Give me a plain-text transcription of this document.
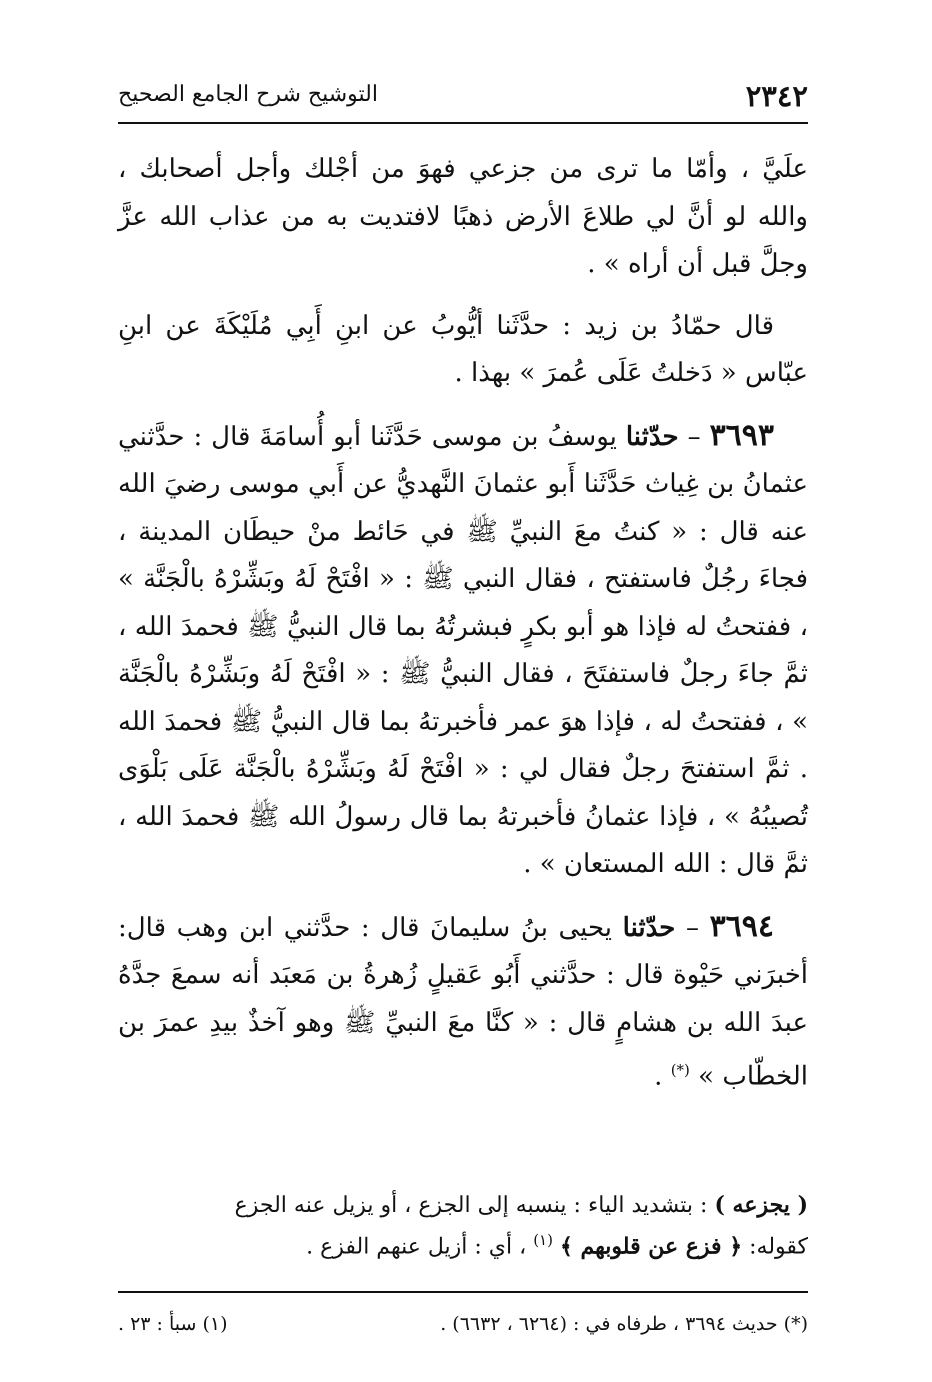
٢٣٤٢
التوشيح شرح الجامع الصحيح

علَيَّ ، وأمّا ما ترى من جزعي فهوَ من أجْلك وأجل أصحابك ، والله لو أنَّ لي طلاعَ الأرض ذهبًا لافتديت به من عذاب الله عزَّ وجلَّ قبل أن أراه » .

قال حمّادُ بن زيد : حدَّثَنا أيُّوبُ عن ابنِ أَبِي مُلَيْكَةَ عن ابنِ عبّاس « دَخلتُ عَلَى عُمرَ » بهذا .

٣٦٩٣ – حدّثنا يوسفُ بن موسى حَدَّثَنا أبو أُسامَةَ قال : حدَّثني عثمانُ بن غِياث حَدَّثَنا أَبو عثمانَ النَّهديُّ عن أَبي موسى رضيَ الله عنه قال : « كنتُ معَ النبيِّ ﷺ في حَائط منْ حيطَان المدينة ، فجاءَ رجُلٌ فاستفتح ، فقال النبي ﷺ : « افْتَحْ لَهُ وبَشِّرْهُ بالْجَنَّة » ، ففتحتُ له فإذا هو أبو بكرٍ فبشرتُهُ بما قال النبيُّ ﷺ فحمدَ الله ، ثمَّ جاءَ رجلٌ فاستفتَحَ ، فقال النبيُّ ﷺ : « افْتَحْ لَهُ وبَشِّرْهُ بالْجَنَّة » ، ففتحتُ له ، فإذا هوَ عمر فأخبرتهُ بما قال النبيُّ ﷺ فحمدَ الله . ثمَّ استفتحَ رجلٌ فقال لي : « افْتَحْ لَهُ وبَشِّرْهُ بالْجَنَّة عَلَى بَلْوَى تُصيبُهُ » ، فإذا عثمانُ فأخبرتهُ بما قال رسولُ الله ﷺ فحمدَ الله ، ثمَّ قال : الله المستعان » .

٣٦٩٤ – حدّثنا يحيى بنُ سليمانَ قال : حدَّثني ابن وهب قال: أخبرَني حَيْوة قال : حدَّثني أَبُو عَقيلٍ زُهرةُ بن مَعبَد أنه سمعَ جدَّهُ عبدَ الله بن هشامٍ قال : « كنَّا معَ النبيِّ ﷺ وهو آخذٌ بيدِ عمرَ بن الخطّاب » (*) .

( يجزعه ) : بتشديد الياء : ينسبه إلى الجزع ، أو يزيل عنه الجزع

كقوله: ﴿ فزع عن قلوبهم ﴾ $^{(١)}$ ، أي : أزيل عنهم الفزع .

(*) حديث ٣٦٩٤ ، طرفاه في : (٦٢٦٤ ، ٦٦٣٢) .
(١) سبأ : ٢٣ .
